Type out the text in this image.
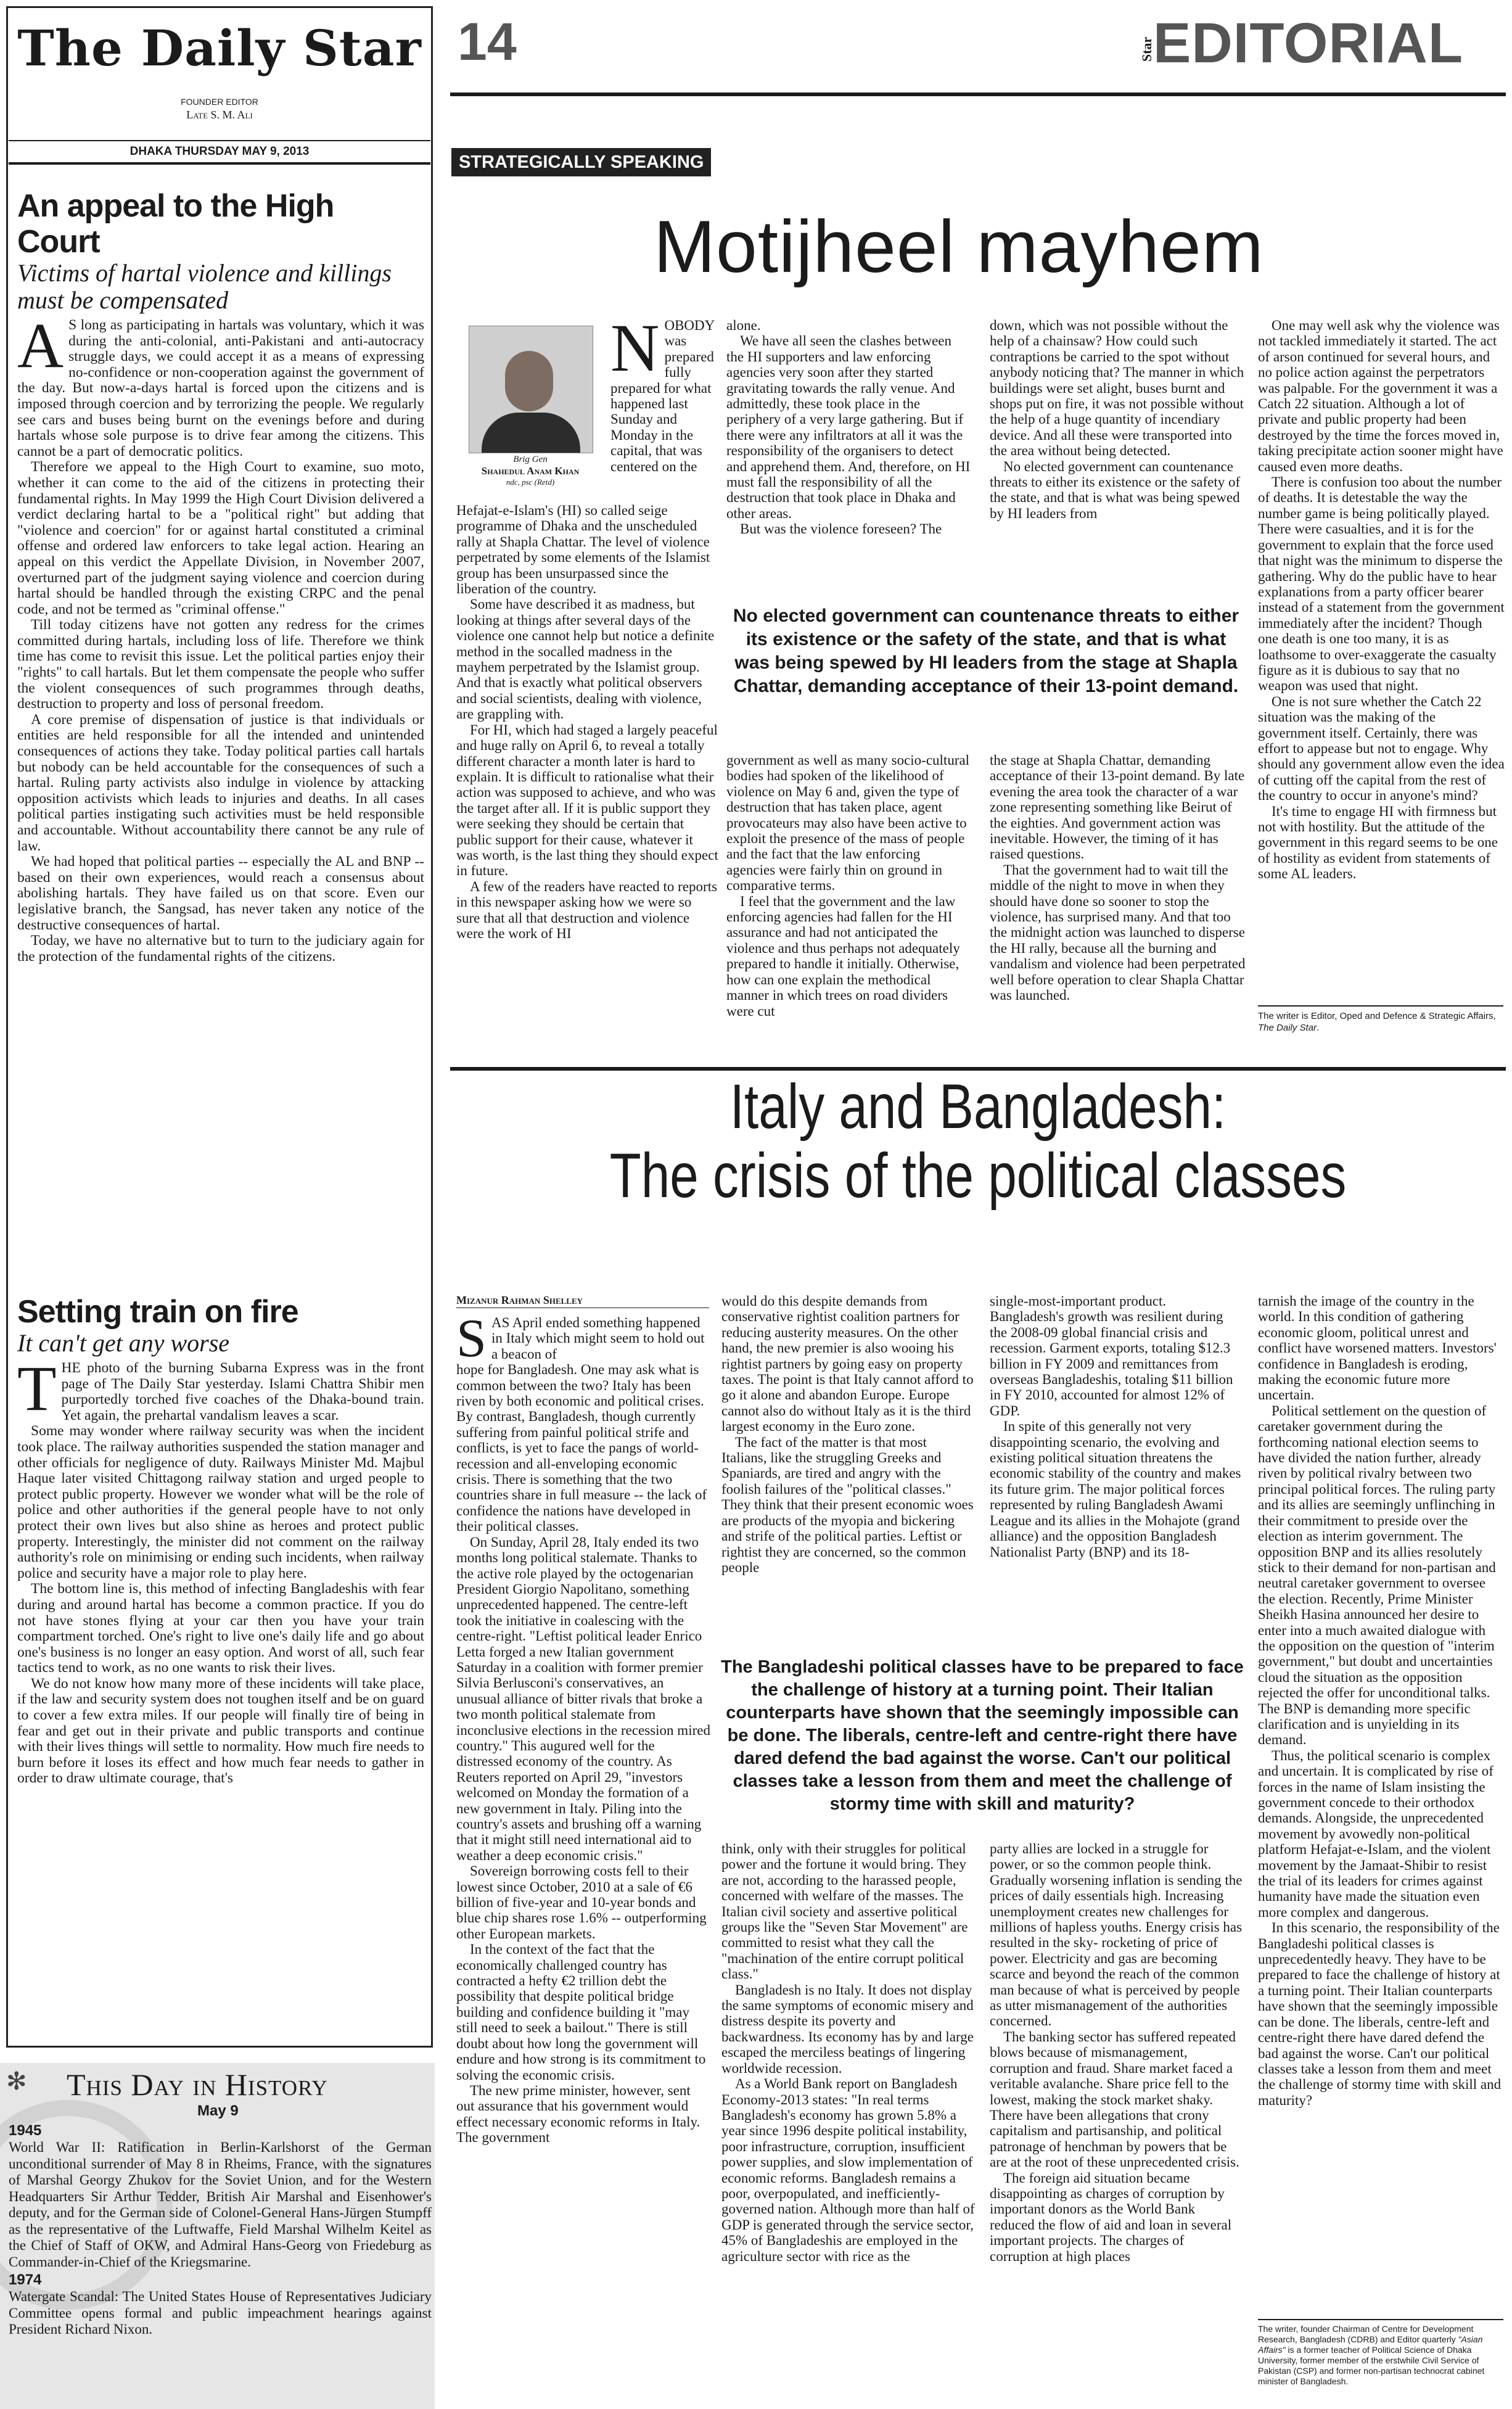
The Daily Star
FOUNDER EDITOR
Late S. M. Ali
DHAKA THURSDAY MAY 9, 2013
An appeal to the High Court
Victims of hartal violence and killings must be compensated
A S long as participating in hartals was voluntary, which it was during the anti-colonial, anti-Pakistani and anti-autocracy struggle days, we could accept it as a means of expressing no-confidence or non-cooperation against the government of the day. But now-a-days hartal is forced upon the citizens and is imposed through coercion and by terrorizing the people. We regularly see cars and buses being burnt on the evenings before and during hartals whose sole purpose is to drive fear among the citizens. This cannot be a part of democratic politics.

Therefore we appeal to the High Court to examine, suo moto, whether it can come to the aid of the citizens in protecting their fundamental rights. In May 1999 the High Court Division delivered a verdict declaring hartal to be a "political right" but adding that "violence and coercion" for or against hartal constituted a criminal offense and ordered law enforcers to take legal action. Hearing an appeal on this verdict the Appellate Division, in November 2007, overturned part of the judgment saying violence and coercion during hartal should be handled through the existing CRPC and the penal code, and not be termed as "criminal offense."

Till today citizens have not gotten any redress for the crimes committed during hartals, including loss of life. Therefore we think time has come to revisit this issue. Let the political parties enjoy their "rights" to call hartals. But let them compensate the people who suffer the violent consequences of such programmes through deaths, destruction to property and loss of personal freedom.

A core premise of dispensation of justice is that individuals or entities are held responsible for all the intended and unintended consequences of actions they take. Today political parties call hartals but nobody can be held accountable for the consequences of such a hartal. Ruling party activists also indulge in violence by attacking opposition activists which leads to injuries and deaths. In all cases political parties instigating such activities must be held responsible and accountable. Without accountability there cannot be any rule of law.

We had hoped that political parties -- especially the AL and BNP -- based on their own experiences, would reach a consensus about abolishing hartals. They have failed us on that score. Even our legislative branch, the Sangsad, has never taken any notice of the destructive consequences of hartal.

Today, we have no alternative but to turn to the judiciary again for the protection of the fundamental rights of the citizens.

Setting train on fire
It can't get any worse
T HE photo of the burning Subarna Express was in the front page of The Daily Star yesterday. Islami Chattra Shibir men purportedly torched five coaches of the Dhaka-bound train. Yet again, the prehartal vandalism leaves a scar.

Some may wonder where railway security was when the incident took place. The railway authorities suspended the station manager and other officials for negligence of duty. Railways Minister Md. Majbul Haque later visited Chittagong railway station and urged people to protect public property. However we wonder what will be the role of police and other authorities if the general people have to not only protect their own lives but also shine as heroes and protect public property. Interestingly, the minister did not comment on the railway authority's role on minimising or ending such incidents, when railway police and security have a major role to play here.

The bottom line is, this method of infecting Bangladeshis with fear during and around hartal has become a common practice. If you do not have stones flying at your car then you have your train compartment torched. One's right to live one's daily life and go about one's business is no longer an easy option. And worst of all, such fear tactics tend to work, as no one wants to risk their lives.

We do not know how many more of these incidents will take place, if the law and security system does not toughen itself and be on guard to cover a few extra miles. If our people will finally tire of being in fear and get out in their private and public transports and continue with their lives things will settle to normality. How much fire needs to burn before it loses its effect and how much fear needs to gather in order to draw ultimate courage, that's

✻ This Day in History
May 9
1945
World War II: Ratification in Berlin-Karlshorst of the German unconditional surrender of May 8 in Rheims, France, with the signatures of Marshal Georgy Zhukov for the Soviet Union, and for the Western Headquarters Sir Arthur Tedder, British Air Marshal and Eisenhower's deputy, and for the German side of Colonel-General Hans-Jürgen Stumpff as the representative of the Luftwaffe, Field Marshal Wilhelm Keitel as the Chief of Staff of OKW, and Admiral Hans-Georg von Friedeburg as Commander-in-Chief of the Kriegsmarine.
1974
Watergate Scandal: The United States House of Representatives Judiciary Committee opens formal and public impeachment hearings against President Richard Nixon.
14	Star
EDITORIAL
STRATEGICALLY SPEAKING
Motijheel mayhem
Brig Gen
Shahedul Anam Khan
ndc, psc (Retd)
N OBODY was prepared fully prepared for what happened last Sunday and Monday in the capital, that was centered on the

Hefajat-e-Islam's (HI) so called seige programme of Dhaka and the unscheduled rally at Shapla Chattar. The level of violence perpetrated by some elements of the Islamist group has been unsurpassed since the liberation of the country.

Some have described it as madness, but looking at things after several days of the violence one cannot help but notice a definite method in the socalled madness in the mayhem perpetrated by the Islamist group. And that is exactly what political observers and social scientists, dealing with violence, are grappling with.

For HI, which had staged a largely peaceful and huge rally on April 6, to reveal a totally different character a month later is hard to explain. It is difficult to rationalise what their action was supposed to achieve, and who was the target after all. If it is public support they were seeking they should be certain that public support for their cause, whatever it was worth, is the last thing they should expect in future.

A few of the readers have reacted to reports in this newspaper asking how we were so sure that all that destruction and violence were the work of HI

alone.

We have all seen the clashes between the HI supporters and law enforcing agencies very soon after they started gravitating towards the rally venue. And admittedly, these took place in the periphery of a very large gathering. But if there were any infiltrators at all it was the responsibility of the organisers to detect and apprehend them. And, therefore, on HI must fall the responsibility of all the destruction that took place in Dhaka and other areas.

But was the violence foreseen? The

down, which was not possible without the help of a chainsaw? How could such contraptions be carried to the spot without anybody noticing that? The manner in which buildings were set alight, buses burnt and shops put on fire, it was not possible without the help of a huge quantity of incendiary device. And all these were transported into the area without being detected.

No elected government can countenance threats to either its existence or the safety of the state, and that is what was being spewed by HI leaders from

No elected government can countenance threats to either its existence or the safety of the state, and that is what was being spewed by HI leaders from the stage at Shapla Chattar, demanding acceptance of their 13-point demand.

government as well as many socio-cultural bodies had spoken of the likelihood of violence on May 6 and, given the type of destruction that has taken place, agent provocateurs may also have been active to exploit the presence of the mass of people and the fact that the law enforcing agencies were fairly thin on ground in comparative terms.

I feel that the government and the law enforcing agencies had fallen for the HI assurance and had not anticipated the violence and thus perhaps not adequately prepared to handle it initially. Otherwise, how can one explain the methodical manner in which trees on road dividers were cut

the stage at Shapla Chattar, demanding acceptance of their 13-point demand. By late evening the area took the character of a war zone representing something like Beirut of the eighties. And government action was inevitable. However, the timing of it has raised questions.

That the government had to wait till the middle of the night to move in when they should have done so sooner to stop the violence, has surprised many. And that too the midnight action was launched to disperse the HI rally, because all the burning and vandalism and violence had been perpetrated well before operation to clear Shapla Chattar was launched.

One may well ask why the violence was not tackled immediately it started. The act of arson continued for several hours, and no police action against the perpetrators was palpable. For the government it was a Catch 22 situation. Although a lot of private and public property had been destroyed by the time the forces moved in, taking precipitate action sooner might have caused even more deaths.

There is confusion too about the number of deaths. It is detestable the way the number game is being politically played. There were casualties, and it is for the government to explain that the force used that night was the minimum to disperse the gathering. Why do the public have to hear explanations from a party officer bearer instead of a statement from the government immediately after the incident? Though one death is one too many, it is as loathsome to over-exaggerate the casualty figure as it is dubious to say that no weapon was used that night.

One is not sure whether the Catch 22 situation was the making of the government itself. Certainly, there was effort to appease but not to engage. Why should any government allow even the idea of cutting off the capital from the rest of the country to occur in anyone's mind?

It's time to engage HI with firmness but not with hostility. But the attitude of the government in this regard seems to be one of hostility as evident from statements of some AL leaders.

The writer is Editor, Oped and Defence & Strategic Affairs, The Daily Star.
Italy and Bangladesh:
The crisis of the political classes
Mizanur Rahman Shelley
S AS April ended something happened in Italy which might seem to hold out a beacon of

hope for Bangladesh. One may ask what is common between the two? Italy has been riven by both economic and political crises. By contrast, Bangladesh, though currently suffering from painful political strife and conflicts, is yet to face the pangs of world-recession and all-enveloping economic crisis. There is something that the two countries share in full measure -- the lack of confidence the nations have developed in their political classes.

On Sunday, April 28, Italy ended its two months long political stalemate. Thanks to the active role played by the octogenarian President Giorgio Napolitano, something unprecedented happened. The centre-left took the initiative in coalescing with the centre-right. "Leftist political leader Enrico Letta forged a new Italian government Saturday in a coalition with former premier Silvia Berlusconi's conservatives, an unusual alliance of bitter rivals that broke a two month political stalemate from inconclusive elections in the recession mired country." This augured well for the distressed economy of the country. As Reuters reported on April 29, "investors welcomed on Monday the formation of a new government in Italy. Piling into the country's assets and brushing off a warning that it might still need international aid to weather a deep economic crisis."

Sovereign borrowing costs fell to their lowest since October, 2010 at a sale of €6 billion of five-year and 10-year bonds and blue chip shares rose 1.6% -- outperforming other European markets.

In the context of the fact that the economically challenged country has contracted a hefty €2 trillion debt the possibility that despite political bridge building and confidence building it "may still need to seek a bailout." There is still doubt about how long the government will endure and how strong is its commitment to solving the economic crisis.

The new prime minister, however, sent out assurance that his government would effect necessary economic reforms in Italy. The government

would do this despite demands from conservative rightist coalition partners for reducing austerity measures. On the other hand, the new premier is also wooing his rightist partners by going easy on property taxes. The point is that Italy cannot afford to go it alone and abandon Europe. Europe cannot also do without Italy as it is the third largest economy in the Euro zone.

The fact of the matter is that most Italians, like the struggling Greeks and Spaniards, are tired and angry with the foolish failures of the "political classes." They think that their present economic woes are products of the myopia and bickering and strife of the political parties. Leftist or rightist they are concerned, so the common people

single-most-important product. Bangladesh's growth was resilient during the 2008-09 global financial crisis and recession. Garment exports, totaling $12.3 billion in FY 2009 and remittances from overseas Bangladeshis, totaling $11 billion in FY 2010, accounted for almost 12% of GDP.

In spite of this generally not very disappointing scenario, the evolving and existing political situation threatens the economic stability of the country and makes its future grim. The major political forces represented by ruling Bangladesh Awami League and its allies in the Mohajote (grand alliance) and the opposition Bangladesh Nationalist Party (BNP) and its 18-

The Bangladeshi political classes have to be prepared to face the challenge of history at a turning point. Their Italian counterparts have shown that the seemingly impossible can be done. The liberals, centre-left and centre-right there have dared defend the bad against the worse. Can't our political classes take a lesson from them and meet the challenge of stormy time with skill and maturity?

think, only with their struggles for political power and the fortune it would bring. They are not, according to the harassed people, concerned with welfare of the masses. The Italian civil society and assertive political groups like the "Seven Star Movement" are committed to resist what they call the "machination of the entire corrupt political class."

Bangladesh is no Italy. It does not display the same symptoms of economic misery and distress despite its poverty and backwardness. Its economy has by and large escaped the merciless beatings of lingering worldwide recession.

As a World Bank report on Bangladesh Economy-2013 states: "In real terms Bangladesh's economy has grown 5.8% a year since 1996 despite political instability, poor infrastructure, corruption, insufficient power supplies, and slow implementation of economic reforms. Bangladesh remains a poor, overpopulated, and inefficiently-governed nation. Although more than half of GDP is generated through the service sector, 45% of Bangladeshis are employed in the agriculture sector with rice as the

party allies are locked in a struggle for power, or so the common people think. Gradually worsening inflation is sending the prices of daily essentials high. Increasing unemployment creates new challenges for millions of hapless youths. Energy crisis has resulted in the sky- rocketing of price of power. Electricity and gas are becoming scarce and beyond the reach of the common man because of what is perceived by people as utter mismanagement of the authorities concerned.

The banking sector has suffered repeated blows because of mismanagement, corruption and fraud. Share market faced a veritable avalanche. Share price fell to the lowest, making the stock market shaky. There have been allegations that crony capitalism and partisanship, and political patronage of henchman by powers that be are at the root of these unprecedented crisis.

The foreign aid situation became disappointing as charges of corruption by important donors as the World Bank reduced the flow of aid and loan in several important projects. The charges of corruption at high places

tarnish the image of the country in the world. In this condition of gathering economic gloom, political unrest and conflict have worsened matters. Investors' confidence in Bangladesh is eroding, making the economic future more uncertain.

Political settlement on the question of caretaker government during the forthcoming national election seems to have divided the nation further, already riven by political rivalry between two principal political forces. The ruling party and its allies are seemingly unflinching in their commitment to preside over the election as interim government. The opposition BNP and its allies resolutely stick to their demand for non-partisan and neutral caretaker government to oversee the election. Recently, Prime Minister Sheikh Hasina announced her desire to enter into a much awaited dialogue with the opposition on the question of "interim government," but doubt and uncertainties cloud the situation as the opposition rejected the offer for unconditional talks. The BNP is demanding more specific clarification and is unyielding in its demand.

Thus, the political scenario is complex and uncertain. It is complicated by rise of forces in the name of Islam insisting the government concede to their orthodox demands. Alongside, the unprecedented movement by avowedly non-political platform Hefajat-e-Islam, and the violent movement by the Jamaat-Shibir to resist the trial of its leaders for crimes against humanity have made the situation even more complex and dangerous.

In this scenario, the responsibility of the Bangladeshi political classes is unprecedentedly heavy. They have to be prepared to face the challenge of history at a turning point. Their Italian counterparts have shown that the seemingly impossible can be done. The liberals, centre-left and centre-right there have dared defend the bad against the worse. Can't our political classes take a lesson from them and meet the challenge of stormy time with skill and maturity?

The writer, founder Chairman of Centre for Development Research, Bangladesh (CDRB) and Editor quarterly "Asian Affairs" is a former teacher of Political Science of Dhaka University, former member of the erstwhile Civil Service of Pakistan (CSP) and former non-partisan technocrat cabinet minister of Bangladesh.
